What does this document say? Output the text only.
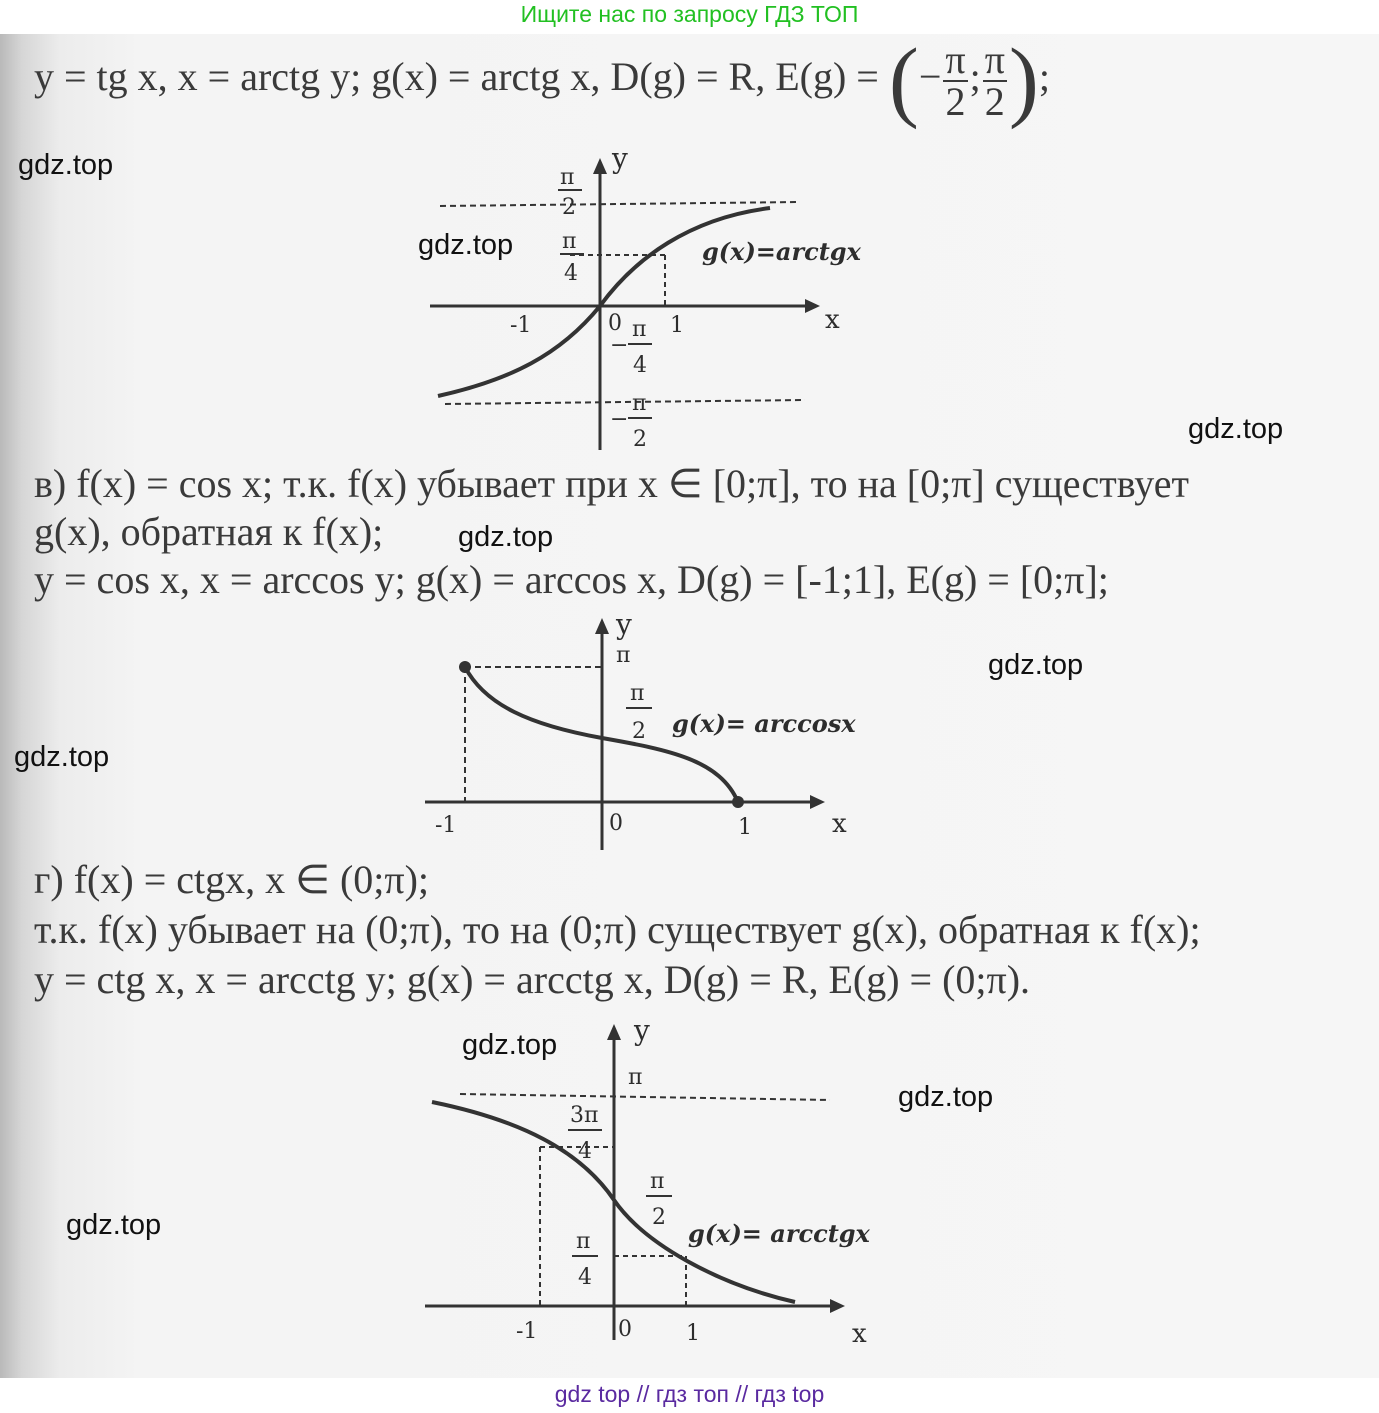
Ищите нас по запросу ГДЗ ТОП
y = tg x, x = arctg y; g(x) = arctg x, D(g) = R, E(g) = (− $\frac{\pi}{2}$ ; $\frac{\pi}{2}$ );
y
x
π
2
π
4
-1	0 1
−
π
4
−
π
2
g(x)=arctgx
в) f(x) = cos x; т.к. f(x) убывает при x ∈ [0;π], то на [0;π] существует
g(x), обратная к f(x);
y = cos x, x = arccos y; g(x) = arccos x, D(g) = [-1;1], E(g) = [0;π];
y
x
π
π
2
-1	0	1
g(x)= arccosx
г) f(x) = ctgx, x ∈ (0;π);
т.к. f(x) убывает на (0;π), то на (0;π) существует g(x), обратная к f(x);
y = ctg x, x = arcctg y; g(x) = arcctg x, D(g) = R, E(g) = (0;π).
y
x
π
3π
4
π
2
π
4
-1	0 1
g(x)= arcctgx
gdz.top
gdz.top
gdz.top
gdz.top
gdz.top
gdz.top
gdz.top
gdz.top
gdz.top
gdz top // гдз топ // гдз top
